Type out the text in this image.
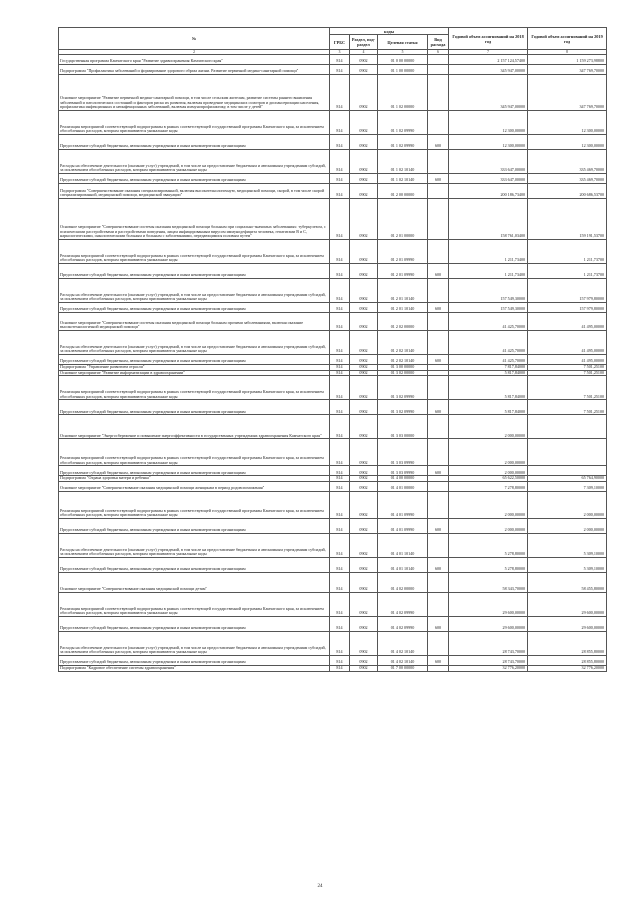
№	коды				Годовой объем ассигнований на 2018 год	Годовой объем ассигнований на 2019 год
	ГРБС	Раздел, под-раздел	Целевая статья	Вид расхода		
2	3	4	5	6	7	8
Государственная программа Камчатского края "Развитие здравоохранения Камчатского края"	814	0902	01 0 00 00000		2 157 124,57400	1 159 273,98800
Подпрограмма "Профилактика заболеваний и формирование здорового образа жизни. Развитие первичной медико-санитарной помощи"	814	0902	01 1 00 00000		345 947,00000	347 769,70000
Основное мероприятие "Развитие первичной медико-санитарной помощи, в том числе сельским жителям, развитие системы раннего выявления заболеваний и патологических состояний и факторов риска их развития, включая проведение медицинских осмотров и диспансеризации населения, профилактика инфекционных и неинфекционных заболеваний, включая иммунопрофилактику, в том числе у детей"	814	0902	01 1 02 00000		345 947,00000	347 769,70000
Реализация мероприятий соответствующей подпрограммы в рамках соответствующей государственной программы Камчатского края, за исключением обособленных расходов, которым присваиваются уникальные коды	814	0902	01 1 02 09990		12 300,00000	12 300,00000
Предоставление субсидий бюджетным, автономным учреждениям и иным некоммерческим организациям	814	0902	01 1 02 09990	600	12 300,00000	12 300,00000
Расходы на обеспечение деятельности (оказание услуг) учреждений, в том числе на предоставление бюджетным и автономным учреждениям субсидий, за исключением обособленных расходов, которым присваиваются уникальные коды	814	0902	01 1 02 10140		333 647,00000	335 469,70000
Предоставление субсидий бюджетным, автономным учреждениям и иным некоммерческим организациям	814	0902	01 1 02 10140	600	333 647,00000	335 469,70000
Подпрограмма "Совершенствование оказания специализированной, включая высокотехнологичную, медицинской помощи, скорой, в том числе скорой специализированной, медицинской помощи, медицинской эвакуации"	814	0902	01 2 00 00000		200 186,73400	200 686,53700
Основное мероприятие "Совершенствование системы оказания медицинской помощи больным при социально-значимых заболеваниях: туберкулезом, с психическими расстройствами и расстройствами поведения, лицам инфицированным вирусом иммунодефицита человека, гепатитами В и С, наркологическими, онкологическими больным и больным с заболеваниями, передающимися половым путем"	814	0902	01 2 01 00000		158 761,03400	159 191,53700
Реализация мероприятий соответствующей подпрограммы в рамках соответствующей государственной программы Камчатского края, за исключением обособленных расходов, которым присваиваются уникальные коды	814	0902	01 2 01 09990		1 211,73400	1 211,73700
Предоставление субсидий бюджетным, автономным учреждениям и иным некоммерческим организациям	814	0902	01 2 01 09990	600	1 211,73400	1 211,73700
Расходы на обеспечение деятельности (оказание услуг) учреждений, в том числе на предоставление бюджетным и автономным учреждениям субсидий, за исключением обособленных расходов, которым присваиваются уникальные коды	814	0902	01 2 01 10140		157 549,30000	157 979,80000
Предоставление субсидий бюджетным, автономным учреждениям и иным некоммерческим организациям	814	0902	01 2 01 10140	600	157 549,30000	157 979,80000
Основное мероприятие "Совершенствование системы оказания медицинской помощи больным прочими заболеваниями, включая оказание высокотехнологичной медицинской помощи"	814	0902	01 2 02 00000		41 425,70000	41 495,00000
Расходы на обеспечение деятельности (оказание услуг) учреждений, в том числе на предоставление бюджетным и автономным учреждениям субсидий, за исключением обособленных расходов, которым присваиваются уникальные коды	814	0902	01 2 02 10140		41 425,70000	41 495,00000
Предоставление субсидий бюджетным, автономным учреждениям и иным некоммерческим организациям	814	0902	01 2 02 10140	600	41 425,70000	41 495,00000
Подпрограмма "Управление развитием отрасли"	814	0902	01 3 00 00000		7 817,84000	7 501,25100
Основное мероприятие "Развитие информатизации в здравоохранении"	814	0902	01 3 02 00000		5 817,84000	7 501,25100
Реализация мероприятий соответствующей подпрограммы в рамках соответствующей государственной программы Камчатского края, за исключением обособленных расходов, которым присваиваются уникальные коды	814	0902	01 3 02 09990		5 817,84000	7 501,25100
Предоставление субсидий бюджетным, автономным учреждениям и иным некоммерческим организациям	814	0902	01 3 02 09990	600	5 817,84000	7 501,25100
Основное мероприятие "Энергосбережение и повышение энергоэффективности в государственных учреждениях здравоохранения Камчатского края"	814	0902	01 3 03 00000		2 000,00000	
Реализация мероприятий соответствующей подпрограммы в рамках соответствующей государственной программы Камчатского края, за исключением обособленных расходов, которым присваиваются уникальные коды	814	0902	01 3 03 09990		2 000,00000	
Предоставление субсидий бюджетным, автономным учреждениям и иным некоммерческим организациям	814	0902	01 3 03 09990	600	2 000,00000	
Подпрограмма "Охрана здоровья матери и ребенка"	814	0902	01 4 00 00000		65 622,50000	65 764,90000
Основное мероприятие "Совершенствование оказания медицинской помощи женщинам в период родовспоможения"	814	0902	01 4 01 00000		7 278,80000	7 309,10000
Реализация мероприятий соответствующей подпрограммы в рамках соответствующей государственной программы Камчатского края, за исключением обособленных расходов, которым присваиваются уникальные коды	814	0902	01 4 01 09990		2 000,00000	2 000,00000
Предоставление субсидий бюджетным, автономным учреждениям и иным некоммерческим организациям	814	0902	01 4 01 09990	600	2 000,00000	2 000,00000
Расходы на обеспечение деятельности (оказание услуг) учреждений, в том числе на предоставление бюджетным и автономным учреждениям субсидий, за исключением обособленных расходов, которым присваиваются уникальные коды	814	0902	01 4 01 10140		5 278,80000	5 309,10000
Предоставление субсидий бюджетным, автономным учреждениям и иным некоммерческим организациям	814	0902	01 4 01 10140	600	5 278,80000	5 309,10000
Основное мероприятие "Совершенствование оказания медицинской помощи детям"	814	0902	01 4 02 00000		58 343,70000	58 455,80000
Реализация мероприятий соответствующей подпрограммы в рамках соответствующей государственной программы Камчатского края, за исключением обособленных расходов, которым присваиваются уникальные коды	814	0902	01 4 02 09990		29 600,00000	29 600,00000
Предоставление субсидий бюджетным, автономным учреждениям и иным некоммерческим организациям	814	0902	01 4 02 09990	600	29 600,00000	29 600,00000
Расходы на обеспечение деятельности (оказание услуг) учреждений, в том числе на предоставление бюджетным и автономным учреждениям субсидий, за исключением обособленных расходов, которым присваиваются уникальные коды	814	0902	01 4 02 10140		28 743,70000	28 855,80000
Предоставление субсидий бюджетным, автономным учреждениям и иным некоммерческим организациям	814	0902	01 4 02 10140	600	28 743,70000	28 855,80000
Подпрограмма "Кадровое обеспечение системы здравоохранения"	814	0902	01 7 00 00000		32 776,20000	32 776,20000
24
